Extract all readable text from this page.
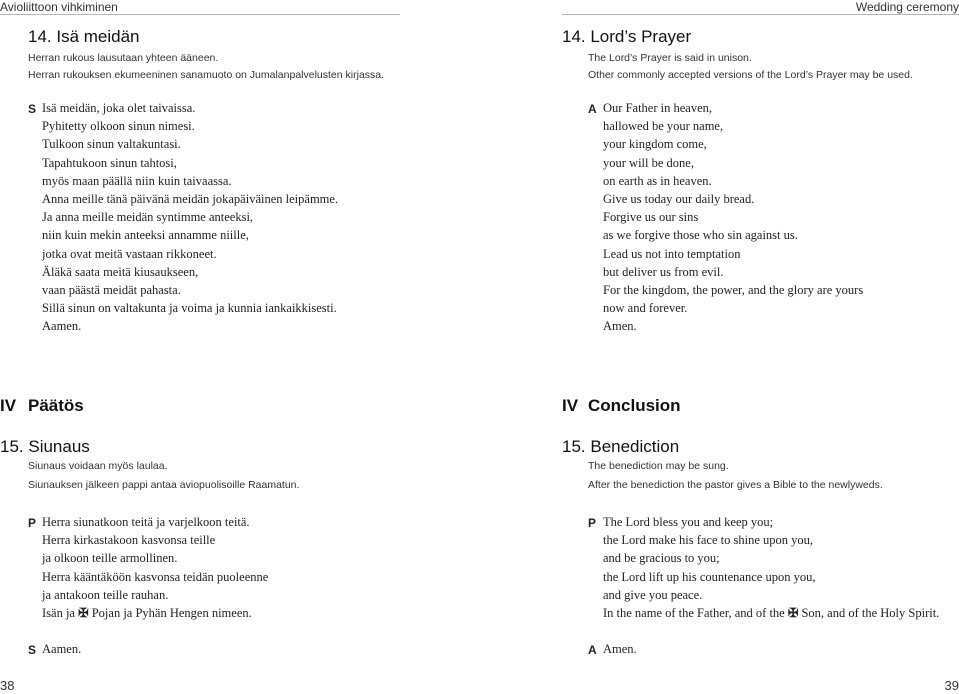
Avioliittoon vihkiminen	Wedding ceremony
14. Isä meidän
Herran rukous lausutaan yhteen ääneen.
Herran rukouksen ekumeeninen sanamuoto on Jumalanpalvelusten kirjassa.
S Isä meidän, joka olet taivaissa.
Pyhitetty olkoon sinun nimesi.
Tulkoon sinun valtakuntasi.
Tapahtukoon sinun tahtosi,
myös maan päällä niin kuin taivaassa.
Anna meille tänä päivänä meidän jokapäiväinen leipämme.
Ja anna meille meidän syntimme anteeksi,
niin kuin mekin anteeksi annamme niille,
jotka ovat meitä vastaan rikkoneet.
Äläkä saata meitä kiusaukseen,
vaan päästä meidät pahasta.
Sillä sinun on valtakunta ja voima ja kunnia iankaikkisesti.
Aamen.
IV Päätös
15. Siunaus
Siunaus voidaan myös laulaa.
Siunauksen jälkeen pappi antaa aviopuolisoille Raamatun.
P Herra siunatkoon teitä ja varjelkoon teitä.
Herra kirkastakoon kasvonsa teille
ja olkoon teille armollinen.
Herra kääntäköön kasvonsa teidän puoleenne
ja antakoon teille rauhan.
Isän ja ✠ Pojan ja Pyhän Hengen nimeen.
S Aamen.
38
14. Lord’s Prayer
The Lord’s Prayer is said in unison.
Other commonly accepted versions of the Lord’s Prayer may be used.
A Our Father in heaven,
hallowed be your name,
your kingdom come,
your will be done,
on earth as in heaven.
Give us today our daily bread.
Forgive us our sins
as we forgive those who sin against us.
Lead us not into temptation
but deliver us from evil.
For the kingdom, the power, and the glory are yours
now and forever.
Amen.
IV Conclusion
15. Benediction
The benediction may be sung.
After the benediction the pastor gives a Bible to the newlyweds.
P The Lord bless you and keep you;
the Lord make his face to shine upon you,
and be gracious to you;
the Lord lift up his countenance upon you,
and give you peace.
In the name of the Father, and of the ✠ Son, and of the Holy Spirit.
A Amen.
39
